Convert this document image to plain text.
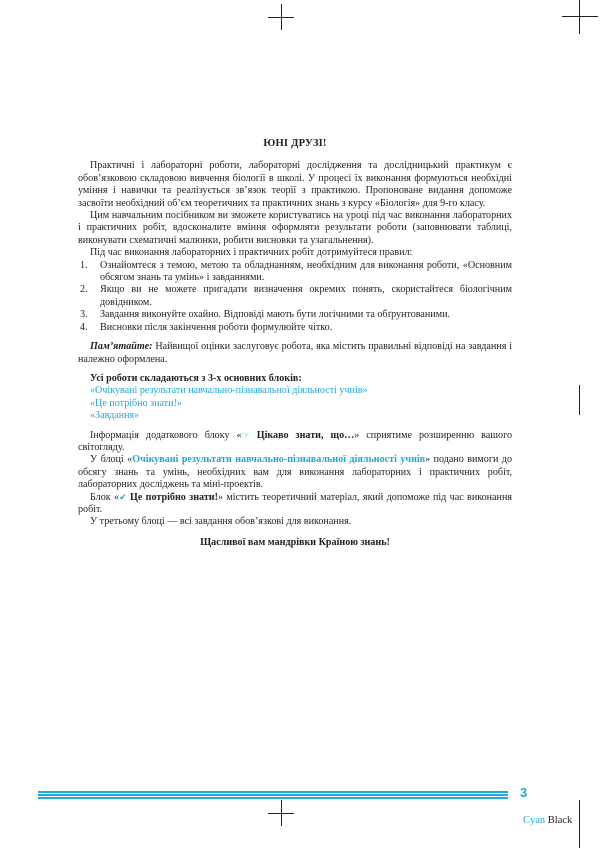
ЮНІ ДРУЗІ!

Практичні і лабораторні роботи, лабораторні дослідження та дослідницький практикум є обов’язковою складовою вивчення біології в школі. У процесі їх виконання формуються необхідні уміння і навички та реалізується зв’язок теорії з практикою. Пропоноване видання допоможе засвоїти необхідний об’єм теоретичних та практичних знань з курсу «Біологія» для 9-го класу.

Цим навчальним посібником ви зможете користуватись на уроці під час виконання лабораторних і практичних робіт, вдосконалите вміння оформляти результати роботи (заповнювати таблиці, виконувати схематичні малюнки, робити висновки та узагальнення).

Під час виконання лабораторних і практичних робіт дотримуйтеся правил:

1.	Ознайомтеся з темою, метою та обладнанням, необхідним для виконання роботи, «Основним обсягом знань та умінь» і завданнями.
2.	Якщо ви не можете пригадати визначення окремих понять, скористайтеся біологічним довідником.
3.	Завдання виконуйте охайно. Відповіді мають бути логічними та обґрунтованими.
4.	Висновки після закінчення роботи формулюйте чітко.

Пам’ятайте: Найвищої оцінки заслуговує робота, яка містить правильні відповіді на завдання і належно оформлена.

Усі роботи складаються з 3-х основних блоків:
«Очікувані результати навчально-пізнавальної діяльності учнів»
«Це потрібно знати!»
«Завдання»

Інформація додаткового блоку «☞ Цікаво знати, що…» сприятиме розширенню вашого світогляду.

У блоці «Очікувані результати навчально-пізнавальної діяльності учнів» подано вимоги до обсягу знань та умінь, необхідних вам для виконання лабораторних і практичних робіт, лабораторних досліджень та міні-проектів.

Блок «✔ Це потрібно знати!» містить теоретичний матеріал, який допоможе під час виконання робіт.

У третьому блоці — всі завдання обов’язкові для виконання.

Щасливої вам мандрівки Країною знань!
3
Cyan Black
